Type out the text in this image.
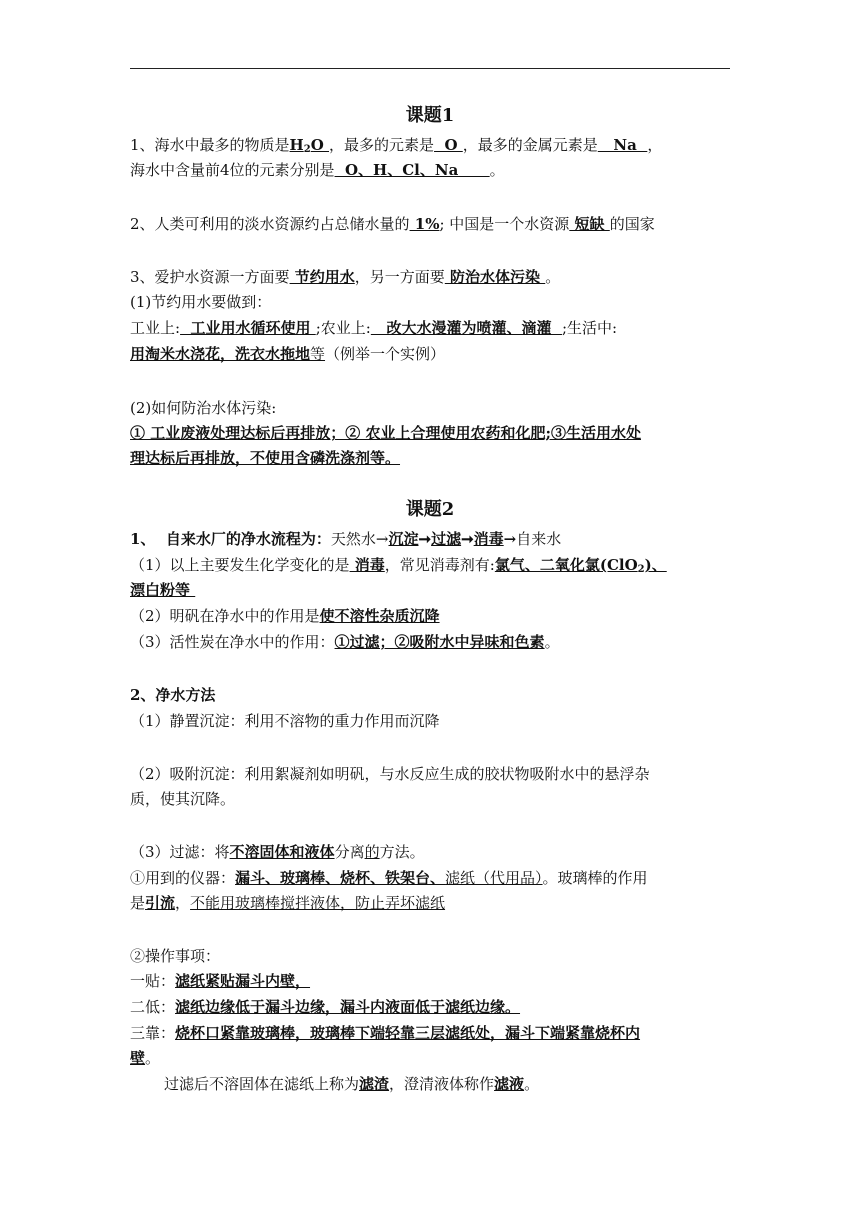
课题1
1、海水中最多的物质是$H_2O$ ，最多的元素是  O ，最多的金属元素是   Na  ，
海水中含量前4位的元素分别是  O、H、Cl、Na      。
2、人类可利用的淡水资源约占总储水量的 1%; 中国是一个水资源 短缺 的国家
3、爱护水资源一方面要 节约用水，另一方面要 防治水体污染 。
(1)节约用水要做到：
工业上:  工业用水循环使用 ;农业上:   改大水漫灌为喷灌、滴灌  ;生活中:
用淘米水浇花，洗衣水拖地等（例举一个实例）
(2)如何防治水体污染:
① 工业废液处理达标后再排放；② 农业上合理使用农药和化肥;③生活用水处
理达标后再排放，不使用含磷洗涤剂等。
课题2
1、  自来水厂的净水流程为：天然水→沉淀➞过滤➞消毒→自来水
（1）以上主要发生化学变化的是 消毒，常见消毒剂有:氯气、二氧化氯(ClO$_2$)、
漂白粉等
（2）明矾在净水中的作用是使不溶性杂质沉降
（3）活性炭在净水中的作用：①过滤；②吸附水中异味和色素。
2、净水方法
（1）静置沉淀：利用不溶物的重力作用而沉降
（2）吸附沉淀：利用絮凝剂如明矾，与水反应生成的胶状物吸附水中的悬浮杂
质，使其沉降。
（3）过滤：将不溶固体和液体分离的方法。
①用到的仪器：漏斗、玻璃棒、烧杯、铁架台、滤纸（代用品）。玻璃棒的作用
是引流，不能用玻璃棒搅拌液体，防止弄坏滤纸
②操作事项：
一贴：滤纸紧贴漏斗内壁，
二低：滤纸边缘低于漏斗边缘，漏斗内液面低于滤纸边缘。
三靠：烧杯口紧靠玻璃棒，玻璃棒下端轻靠三层滤纸处，漏斗下端紧靠烧杯内
壁。
过滤后不溶固体在滤纸上称为滤渣，澄清液体称作滤液。
